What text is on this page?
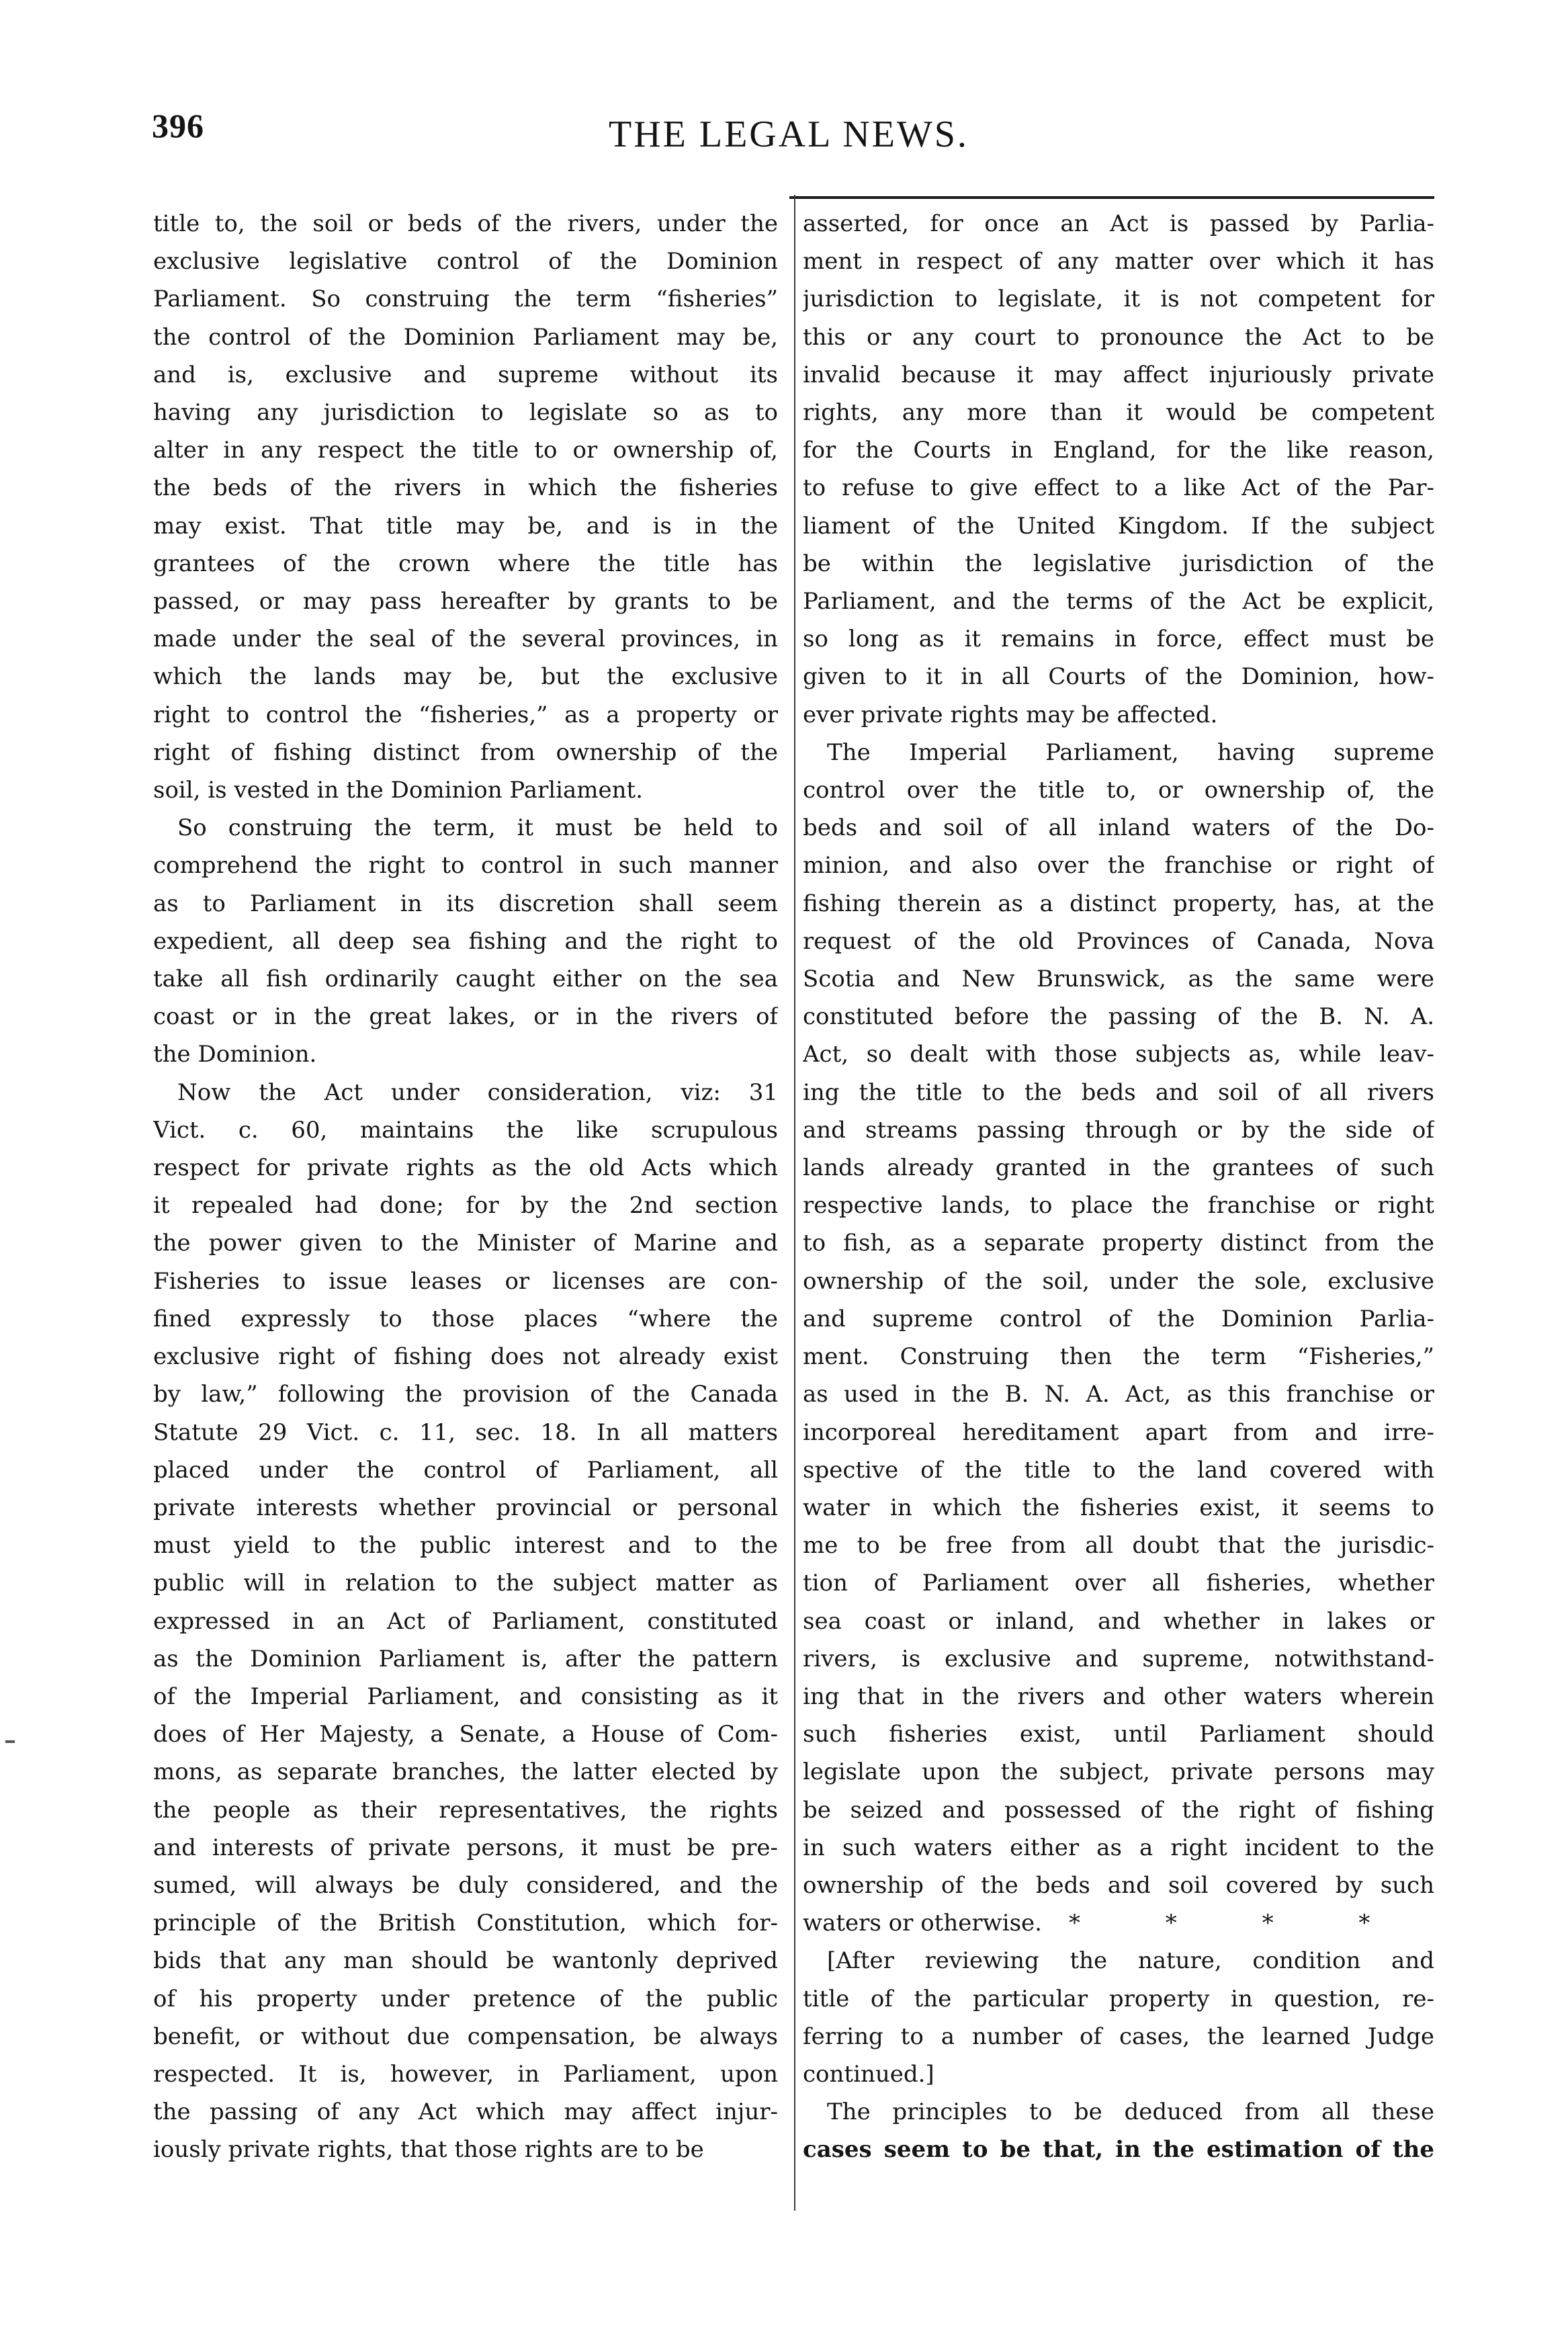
396	THE LEGAL NEWS.

title to, the soil or beds of the rivers, under the
exclusive legislative control of the Dominion
Parliament. So construing the term “fisheries”
the control of the Dominion Parliament may be,
and is, exclusive and supreme without its
having any jurisdiction to legislate so as to
alter in any respect the title to or ownership of,
the beds of the rivers in which the fisheries
may exist. That title may be, and is in the
grantees of the crown where the title has
passed, or may pass hereafter by grants to be
made under the seal of the several provinces, in
which the lands may be, but the exclusive
right to control the “fisheries,” as a property or
right of fishing distinct from ownership of the
soil, is vested in the Dominion Parliament.

So construing the term, it must be held to
comprehend the right to control in such manner
as to Parliament in its discretion shall seem
expedient, all deep sea fishing and the right to
take all fish ordinarily caught either on the sea
coast or in the great lakes, or in the rivers of
the Dominion.

Now the Act under consideration, viz: 31
Vict. c. 60, maintains the like scrupulous
respect for private rights as the old Acts which
it repealed had done; for by the 2nd section
the power given to the Minister of Marine and
Fisheries to issue leases or licenses are con-
fined expressly to those places “where the
exclusive right of fishing does not already exist
by law,” following the provision of the Canada
Statute 29 Vict. c. 11, sec. 18. In all matters
placed under the control of Parliament, all
private interests whether provincial or personal
must yield to the public interest and to the
public will in relation to the subject matter as
expressed in an Act of Parliament, constituted
as the Dominion Parliament is, after the pattern
of the Imperial Parliament, and consisting as it
does of Her Majesty, a Senate, a House of Com-
mons, as separate branches, the latter elected by
the people as their representatives, the rights
and interests of private persons, it must be pre-
sumed, will always be duly considered, and the
principle of the British Constitution, which for-
bids that any man should be wantonly deprived
of his property under pretence of the public
benefit, or without due compensation, be always
respected. It is, however, in Parliament, upon
the passing of any Act which may affect injur-
iously private rights, that those rights are to be

asserted, for once an Act is passed by Parlia-
ment in respect of any matter over which it has
jurisdiction to legislate, it is not competent for
this or any court to pronounce the Act to be
invalid because it may affect injuriously private
rights, any more than it would be competent
for the Courts in England, for the like reason,
to refuse to give effect to a like Act of the Par-
liament of the United Kingdom. If the subject
be within the legislative jurisdiction of the
Parliament, and the terms of the Act be explicit,
so long as it remains in force, effect must be
given to it in all Courts of the Dominion, how-
ever private rights may be affected.

The Imperial Parliament, having supreme
control over the title to, or ownership of, the
beds and soil of all inland waters of the Do-
minion, and also over the franchise or right of
fishing therein as a distinct property, has, at the
request of the old Provinces of Canada, Nova
Scotia and New Brunswick, as the same were
constituted before the passing of the B. N. A.
Act, so dealt with those subjects as, while leav-
ing the title to the beds and soil of all rivers
and streams passing through or by the side of
lands already granted in the grantees of such
respective lands, to place the franchise or right
to fish, as a separate property distinct from the
ownership of the soil, under the sole, exclusive
and supreme control of the Dominion Parlia-
ment. Construing then the term “Fisheries,”
as used in the B. N. A. Act, as this franchise or
incorporeal hereditament apart from and irre-
spective of the title to the land covered with
water in which the fisheries exist, it seems to
me to be free from all doubt that the jurisdic-
tion of Parliament over all fisheries, whether
sea coast or inland, and whether in lakes or
rivers, is exclusive and supreme, notwithstand-
ing that in the rivers and other waters wherein
such fisheries exist, until Parliament should
legislate upon the subject, private persons may
be seized and possessed of the right of fishing
in such waters either as a right incident to the
ownership of the beds and soil covered by such
waters or otherwise. * * * *

[After reviewing the nature, condition and
title of the particular property in question, re-
ferring to a number of cases, the learned Judge
continued.]

The principles to be deduced from all these
cases seem to be that, in the estimation of the
